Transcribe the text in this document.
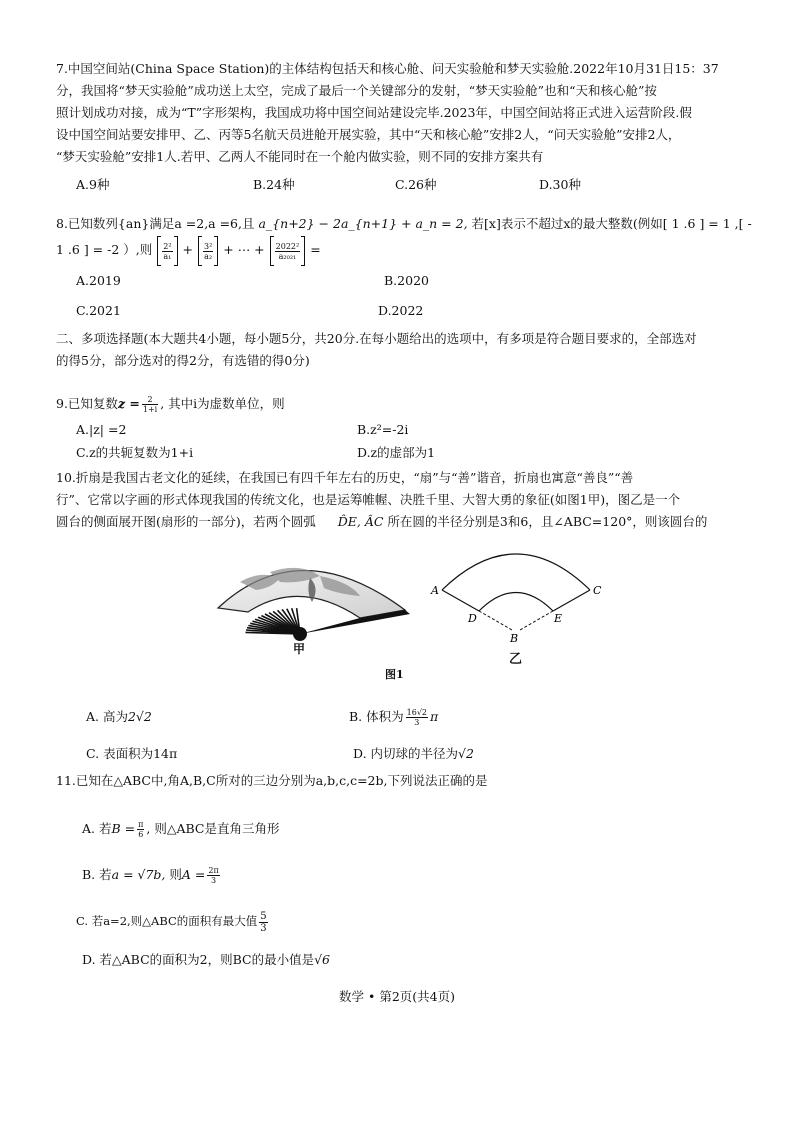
7.中国空间站(China Space Station)的主体结构包括天和核心舱、问天实验舱和梦天实验舱.2022年10月31日15：37
分，我国将“梦天实验舱”成功送上太空，完成了最后一个关键部分的发射，“梦天实验舱”也和“天和核心舱”按
照计划成功对接，成为“T”字形架构，我国成功将中国空间站建设完毕.2023年，中国空间站将正式进入运营阶段.假
设中国空间站要安排甲、乙、丙等5名航天员进舱开展实验，其中“天和核心舱”安排2人，“问天实验舱”安排2人，
“梦天实验舱”安排1人.若甲、乙两人不能同时在一个舱内做实验，则不同的安排方案共有
A.9种	B.24种	C.26种	D.30种
8.已知数列{an}满足a =2,a =6,且 a_{n+2} − 2a_{n+1} + a_n = 2, 若[x]表示不超过x的最大整数(例如[ 1 .6 ] = 1 ,[ -
1 .6 ] = -2 ）,则 $\frac{\text{2²}}{\text{a₁}} + \frac{\text{3²}}{\text{a₂}}$ + ⋯ + $\frac{\text{2022²}}{\text{a₂₀₂₁}}$ =
A.2019	B.2020
C.2021	D.2022
二、多项选择题(本大题共4小题，每小题5分，共20分.在每小题给出的选项中，有多项是符合题目要求的，全部选对
的得5分，部分选对的得2分，有选错的得0分)
9.已知复数$z = \frac{2}{1+i}$ , 其中i为虚数单位，则
A.|z| =2	B.z²=-2i
C.z的共轭复数为1+i	D.z的虚部为1
10.折扇是我国古老文化的延续，在我国已有四千年左右的历史，“扇”与“善”谐音，折扇也寓意“善良”“善
行”、它常以字画的形式体现我国的传统文化，也是运筹帷幄、决胜千里、大智大勇的象征(如图1甲)，图乙是一个
圆台的侧面展开图(扇形的一部分)，若两个圆弧 D̂E, ÂC 所在圆的半径分别是3和6，且∠ABC=120°，则该圆台的
甲
A	C
D	E
B
乙
图1
A. 高为2√2	B. 体积为 $\frac{16√2}{3}$ π
C. 表面积为14π	D. 内切球的半径为√2
11.已知在△ABC中,角A,B,C所对的三边分别为a,b,c,c=2b,下列说法正确的是
A. 若$B = \frac{\pi}{6}$ , 则△ABC是直角三角形
B. 若a = √7b, 则$A = \frac{2\pi}{3}$
C. 若a=2,则△ABC的面积有最大值 $\frac{5}{3}$
D. 若△ABC的面积为2，则BC的最小值是√6
数学 • 第2页(共4页)
